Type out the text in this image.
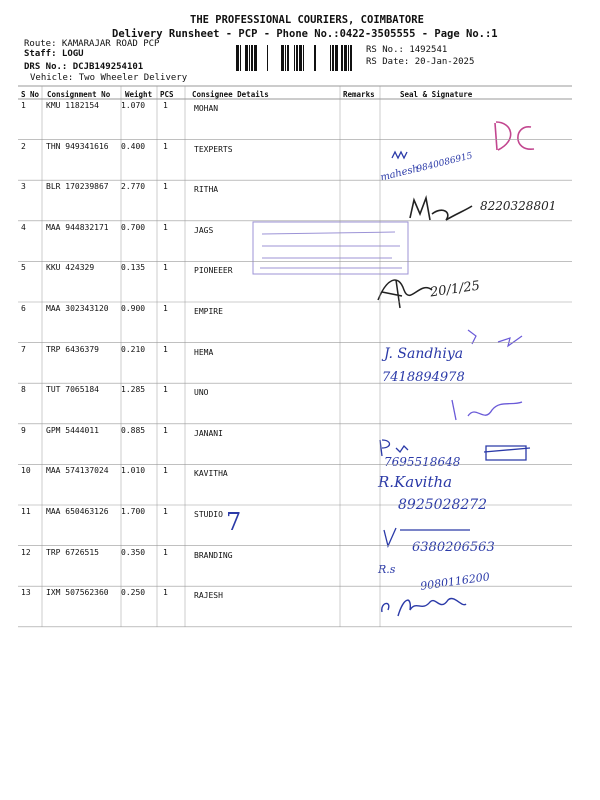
THE PROFESSIONAL COURIERS, COIMBATORE
Delivery Runsheet - PCP - Phone No.:0422-3505555 - Page No.:1
Route: KAMARAJAR ROAD PCP
Staff: LOGU
DRS No.: DCJB149254101
Vehicle: Two Wheeler Delivery
RS No.: 1492541
RS Date: 20-Jan-2025
S No Consignment No Weight PCS Consignee Details	Remarks	Seal & Signature
1	KMU 1182154	1.070 1	MOHAN
2	THN 949341616 0.400 1	TEXPERTS
3	BLR 170239867 2.770 1	RITHA
4	MAA 944832171 0.700 1	JAGS
5	KKU 424329	0.135 1	PIONEEER
6	MAA 302343120 0.900 1	EMPIRE
7	TRP 6436379	0.210 1	HEMA
8	TUT 7065184	1.285 1	UNO
9	GPM 5444011	0.885 1	JANANI
10 MAA 574137024 1.010 1	KAVITHA
11 MAA 650463126 1.700 1	STUDIO
12 TRP 6726515	0.350 1	BRANDING
13 IXM 507562360 0.250 1	RAJESH
mahesh
9840086915
8220328801
20/1/25
J. Sandhiya
7418894978
7695518648
R.Kavitha
8925028272
7
6380206563
R.s
9080116200
